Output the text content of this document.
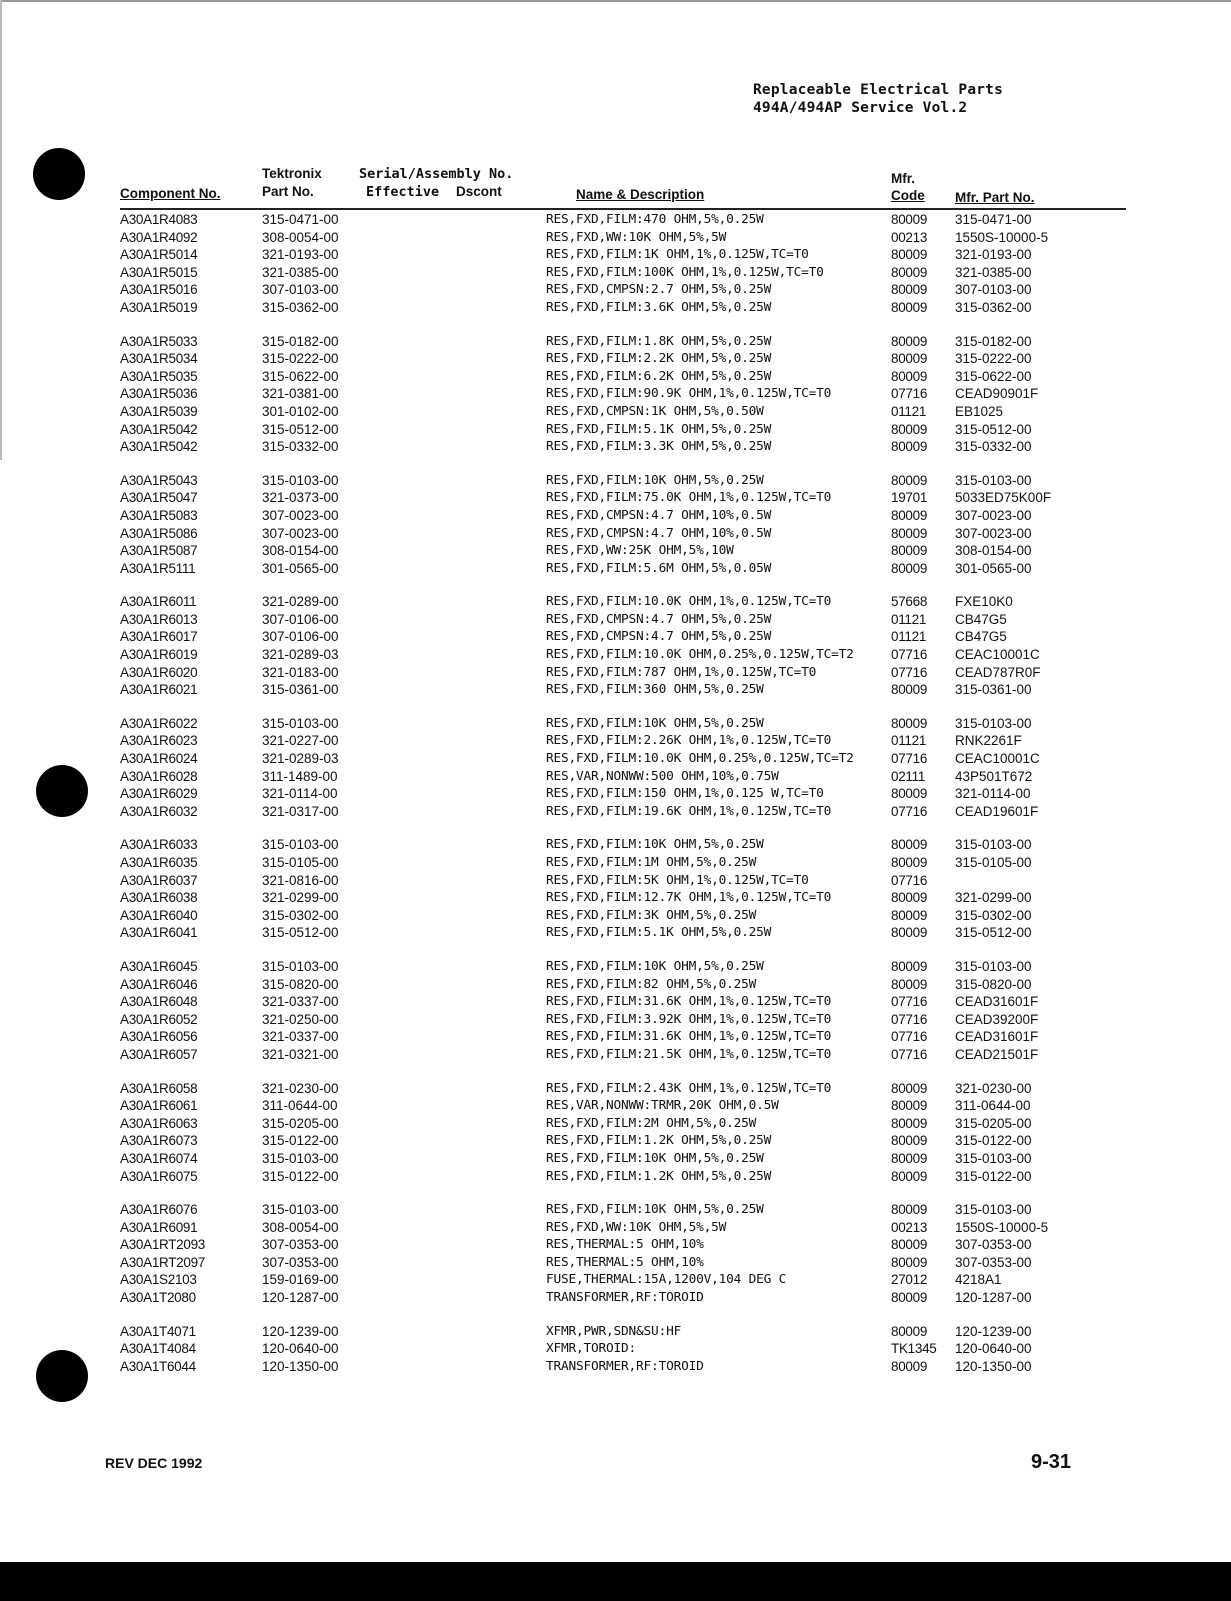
Replaceable Electrical Parts
494A/494AP Service Vol.2
Tektronix
Part No.
Serial/Assembly No.
Effective Dscont
Component No.	Name & Description
Mfr.
Code Mfr. Part No.
A30A1R4083	315-0471-00	RES,FXD,FILM:470 OHM,5%,0.25W	80009 315-0471-00
A30A1R4092	308-0054-00	RES,FXD,WW:10K OHM,5%,5W	00213 1550S-10000-5
A30A1R5014	321-0193-00	RES,FXD,FILM:1K OHM,1%,0.125W,TC=T0	80009 321-0193-00
A30A1R5015	321-0385-00	RES,FXD,FILM:100K OHM,1%,0.125W,TC=T0	80009 321-0385-00
A30A1R5016	307-0103-00	RES,FXD,CMPSN:2.7 OHM,5%,0.25W	80009 307-0103-00
A30A1R5019	315-0362-00	RES,FXD,FILM:3.6K OHM,5%,0.25W	80009 315-0362-00
A30A1R5033	315-0182-00	RES,FXD,FILM:1.8K OHM,5%,0.25W	80009 315-0182-00
A30A1R5034	315-0222-00	RES,FXD,FILM:2.2K OHM,5%,0.25W	80009 315-0222-00
A30A1R5035	315-0622-00	RES,FXD,FILM:6.2K OHM,5%,0.25W	80009 315-0622-00
A30A1R5036	321-0381-00	RES,FXD,FILM:90.9K OHM,1%,0.125W,TC=T0	07716 CEAD90901F
A30A1R5039	301-0102-00	RES,FXD,CMPSN:1K OHM,5%,0.50W	01121 EB1025
A30A1R5042	315-0512-00	RES,FXD,FILM:5.1K OHM,5%,0.25W	80009 315-0512-00
A30A1R5042	315-0332-00	RES,FXD,FILM:3.3K OHM,5%,0.25W	80009 315-0332-00
A30A1R5043	315-0103-00	RES,FXD,FILM:10K OHM,5%,0.25W	80009 315-0103-00
A30A1R5047	321-0373-00	RES,FXD,FILM:75.0K OHM,1%,0.125W,TC=T0	19701 5033ED75K00F
A30A1R5083	307-0023-00	RES,FXD,CMPSN:4.7 OHM,10%,0.5W	80009 307-0023-00
A30A1R5086	307-0023-00	RES,FXD,CMPSN:4.7 OHM,10%,0.5W	80009 307-0023-00
A30A1R5087	308-0154-00	RES,FXD,WW:25K OHM,5%,10W	80009 308-0154-00
A30A1R5111	301-0565-00	RES,FXD,FILM:5.6M OHM,5%,0.05W	80009 301-0565-00
A30A1R6011	321-0289-00	RES,FXD,FILM:10.0K OHM,1%,0.125W,TC=T0	57668 FXE10K0
A30A1R6013	307-0106-00	RES,FXD,CMPSN:4.7 OHM,5%,0.25W	01121 CB47G5
A30A1R6017	307-0106-00	RES,FXD,CMPSN:4.7 OHM,5%,0.25W	01121 CB47G5
A30A1R6019	321-0289-03	RES,FXD,FILM:10.0K OHM,0.25%,0.125W,TC=T2	07716 CEAC10001C
A30A1R6020	321-0183-00	RES,FXD,FILM:787 OHM,1%,0.125W,TC=T0	07716 CEAD787R0F
A30A1R6021	315-0361-00	RES,FXD,FILM:360 OHM,5%,0.25W	80009 315-0361-00
A30A1R6022	315-0103-00	RES,FXD,FILM:10K OHM,5%,0.25W	80009 315-0103-00
A30A1R6023	321-0227-00	RES,FXD,FILM:2.26K OHM,1%,0.125W,TC=T0	01121 RNK2261F
A30A1R6024	321-0289-03	RES,FXD,FILM:10.0K OHM,0.25%,0.125W,TC=T2	07716 CEAC10001C
A30A1R6028	311-1489-00	RES,VAR,NONWW:500 OHM,10%,0.75W	02111 43P501T672
A30A1R6029	321-0114-00	RES,FXD,FILM:150 OHM,1%,0.125 W,TC=T0	80009 321-0114-00
A30A1R6032	321-0317-00	RES,FXD,FILM:19.6K OHM,1%,0.125W,TC=T0	07716 CEAD19601F
A30A1R6033	315-0103-00	RES,FXD,FILM:10K OHM,5%,0.25W	80009 315-0103-00
A30A1R6035	315-0105-00	RES,FXD,FILM:1M OHM,5%,0.25W	80009 315-0105-00
A30A1R6037	321-0816-00	RES,FXD,FILM:5K OHM,1%,0.125W,TC=T0	07716
A30A1R6038	321-0299-00	RES,FXD,FILM:12.7K OHM,1%,0.125W,TC=T0	80009 321-0299-00
A30A1R6040	315-0302-00	RES,FXD,FILM:3K OHM,5%,0.25W	80009 315-0302-00
A30A1R6041	315-0512-00	RES,FXD,FILM:5.1K OHM,5%,0.25W	80009 315-0512-00
A30A1R6045	315-0103-00	RES,FXD,FILM:10K OHM,5%,0.25W	80009 315-0103-00
A30A1R6046	315-0820-00	RES,FXD,FILM:82 OHM,5%,0.25W	80009 315-0820-00
A30A1R6048	321-0337-00	RES,FXD,FILM:31.6K OHM,1%,0.125W,TC=T0	07716 CEAD31601F
A30A1R6052	321-0250-00	RES,FXD,FILM:3.92K OHM,1%,0.125W,TC=T0	07716 CEAD39200F
A30A1R6056	321-0337-00	RES,FXD,FILM:31.6K OHM,1%,0.125W,TC=T0	07716 CEAD31601F
A30A1R6057	321-0321-00	RES,FXD,FILM:21.5K OHM,1%,0.125W,TC=T0	07716 CEAD21501F
A30A1R6058	321-0230-00	RES,FXD,FILM:2.43K OHM,1%,0.125W,TC=T0	80009 321-0230-00
A30A1R6061	311-0644-00	RES,VAR,NONWW:TRMR,20K OHM,0.5W	80009 311-0644-00
A30A1R6063	315-0205-00	RES,FXD,FILM:2M OHM,5%,0.25W	80009 315-0205-00
A30A1R6073	315-0122-00	RES,FXD,FILM:1.2K OHM,5%,0.25W	80009 315-0122-00
A30A1R6074	315-0103-00	RES,FXD,FILM:10K OHM,5%,0.25W	80009 315-0103-00
A30A1R6075	315-0122-00	RES,FXD,FILM:1.2K OHM,5%,0.25W	80009 315-0122-00
A30A1R6076	315-0103-00	RES,FXD,FILM:10K OHM,5%,0.25W	80009 315-0103-00
A30A1R6091	308-0054-00	RES,FXD,WW:10K OHM,5%,5W	00213 1550S-10000-5
A30A1RT2093	307-0353-00	RES,THERMAL:5 OHM,10%	80009 307-0353-00
A30A1RT2097	307-0353-00	RES,THERMAL:5 OHM,10%	80009 307-0353-00
A30A1S2103	159-0169-00	FUSE,THERMAL:15A,1200V,104 DEG C	27012 4218A1
A30A1T2080	120-1287-00	TRANSFORMER,RF:TOROID	80009 120-1287-00
A30A1T4071	120-1239-00	XFMR,PWR,SDN&SU:HF	80009 120-1239-00
A30A1T4084	120-0640-00	XFMR,TOROID:	TK1345 120-0640-00
A30A1T6044	120-1350-00	TRANSFORMER,RF:TOROID	80009 120-1350-00
REV DEC 1992	9-31
